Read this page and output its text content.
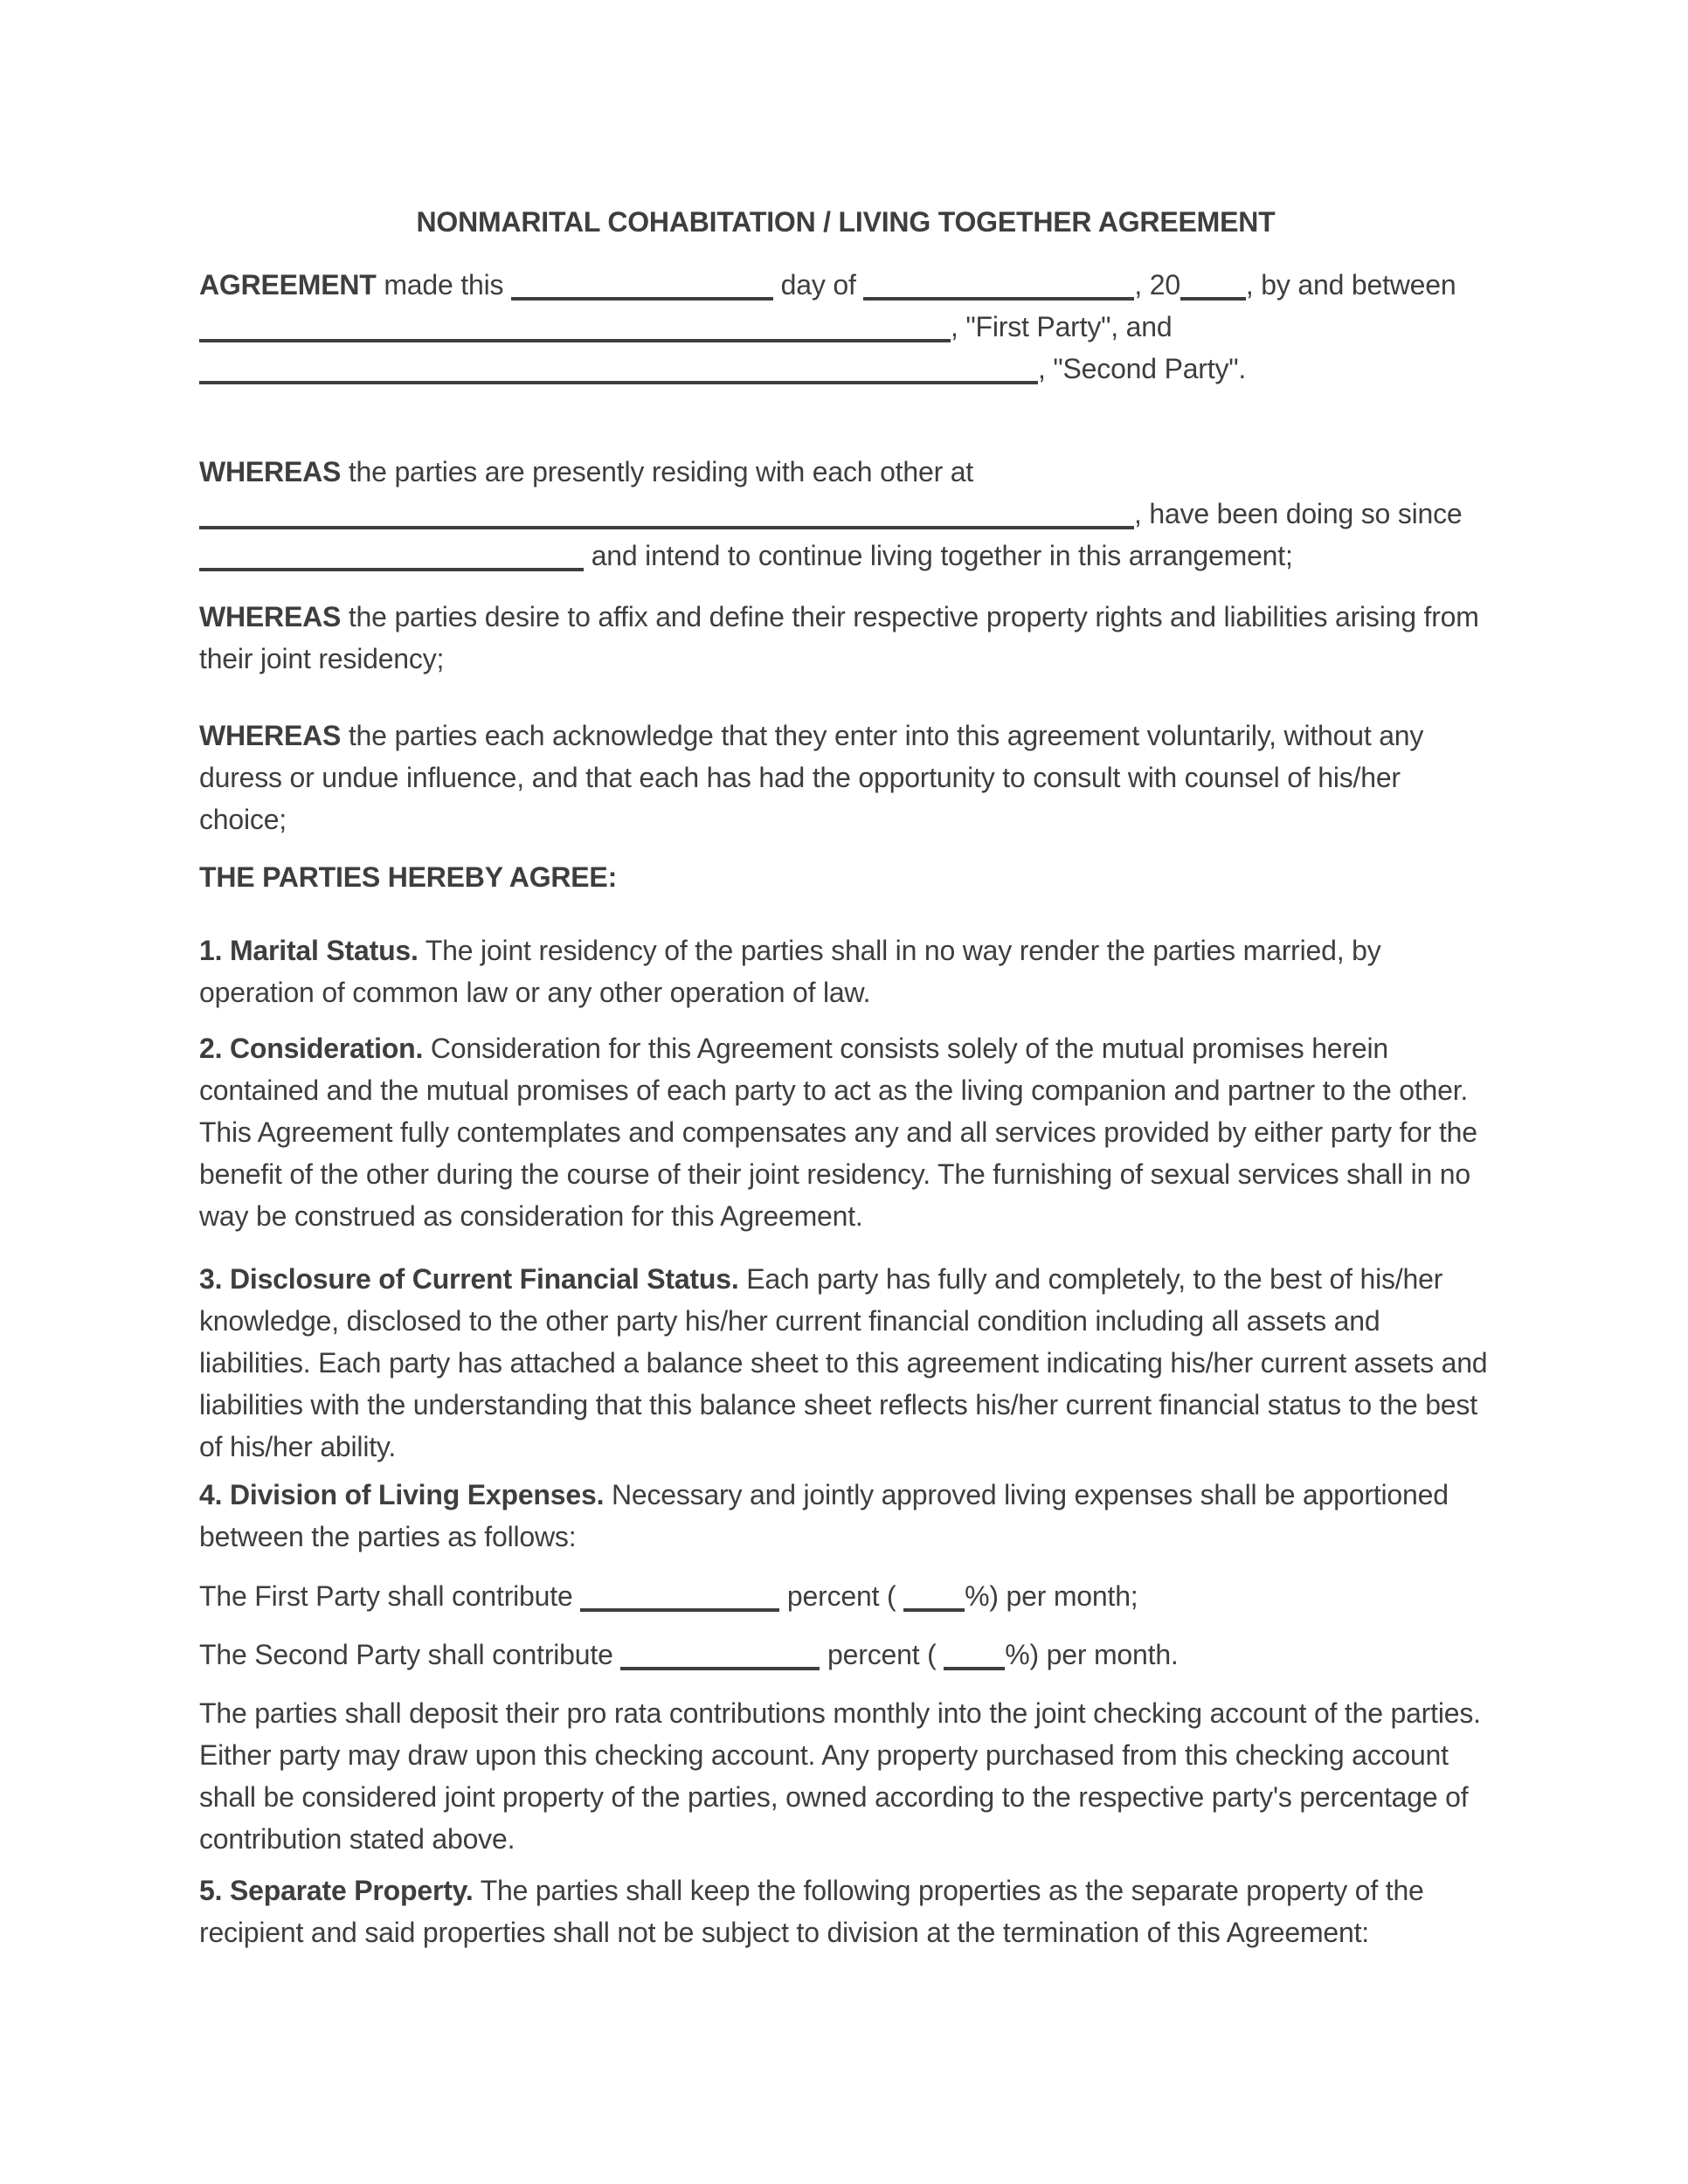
NONMARITAL COHABITATION / LIVING TOGETHER AGREEMENT

AGREEMENT made this	day of	, 20 , by and between , "First Party", and , "Second Party".

WHEREAS the parties are presently residing with each other at , have been doing so since  and intend to continue living together in this arrangement;

WHEREAS the parties desire to affix and define their respective property rights and liabilities arising from their joint residency;

WHEREAS the parties each acknowledge that they enter into this agreement voluntarily, without any duress or undue influence, and that each has had the opportunity to consult with counsel of his/her choice;

THE PARTIES HEREBY AGREE:

1. Marital Status. The joint residency of the parties shall in no way render the parties married, by operation of common law or any other operation of law.

2. Consideration. Consideration for this Agreement consists solely of the mutual promises herein contained and the mutual promises of each party to act as the living companion and partner to the other. This Agreement fully contemplates and compensates any and all services provided by either party for the benefit of the other during the course of their joint residency. The furnishing of sexual services shall in no way be construed as consideration for this Agreement.

3. Disclosure of Current Financial Status. Each party has fully and completely, to the best of his/her knowledge, disclosed to the other party his/her current financial condition including all assets and liabilities. Each party has attached a balance sheet to this agreement indicating his/her current assets and liabilities with the understanding that this balance sheet reflects his/her current financial status to the best of his/her ability.

4. Division of Living Expenses. Necessary and jointly approved living expenses shall be apportioned between the parties as follows:

The First Party shall contribute	percent ( %) per month;

The Second Party shall contribute	percent ( %) per month.

The parties shall deposit their pro rata contributions monthly into the joint checking account of the parties. Either party may draw upon this checking account. Any property purchased from this checking account shall be considered joint property of the parties, owned according to the respective party's percentage of contribution stated above.

5. Separate Property. The parties shall keep the following properties as the separate property of the recipient and said properties shall not be subject to division at the termination of this Agreement:
